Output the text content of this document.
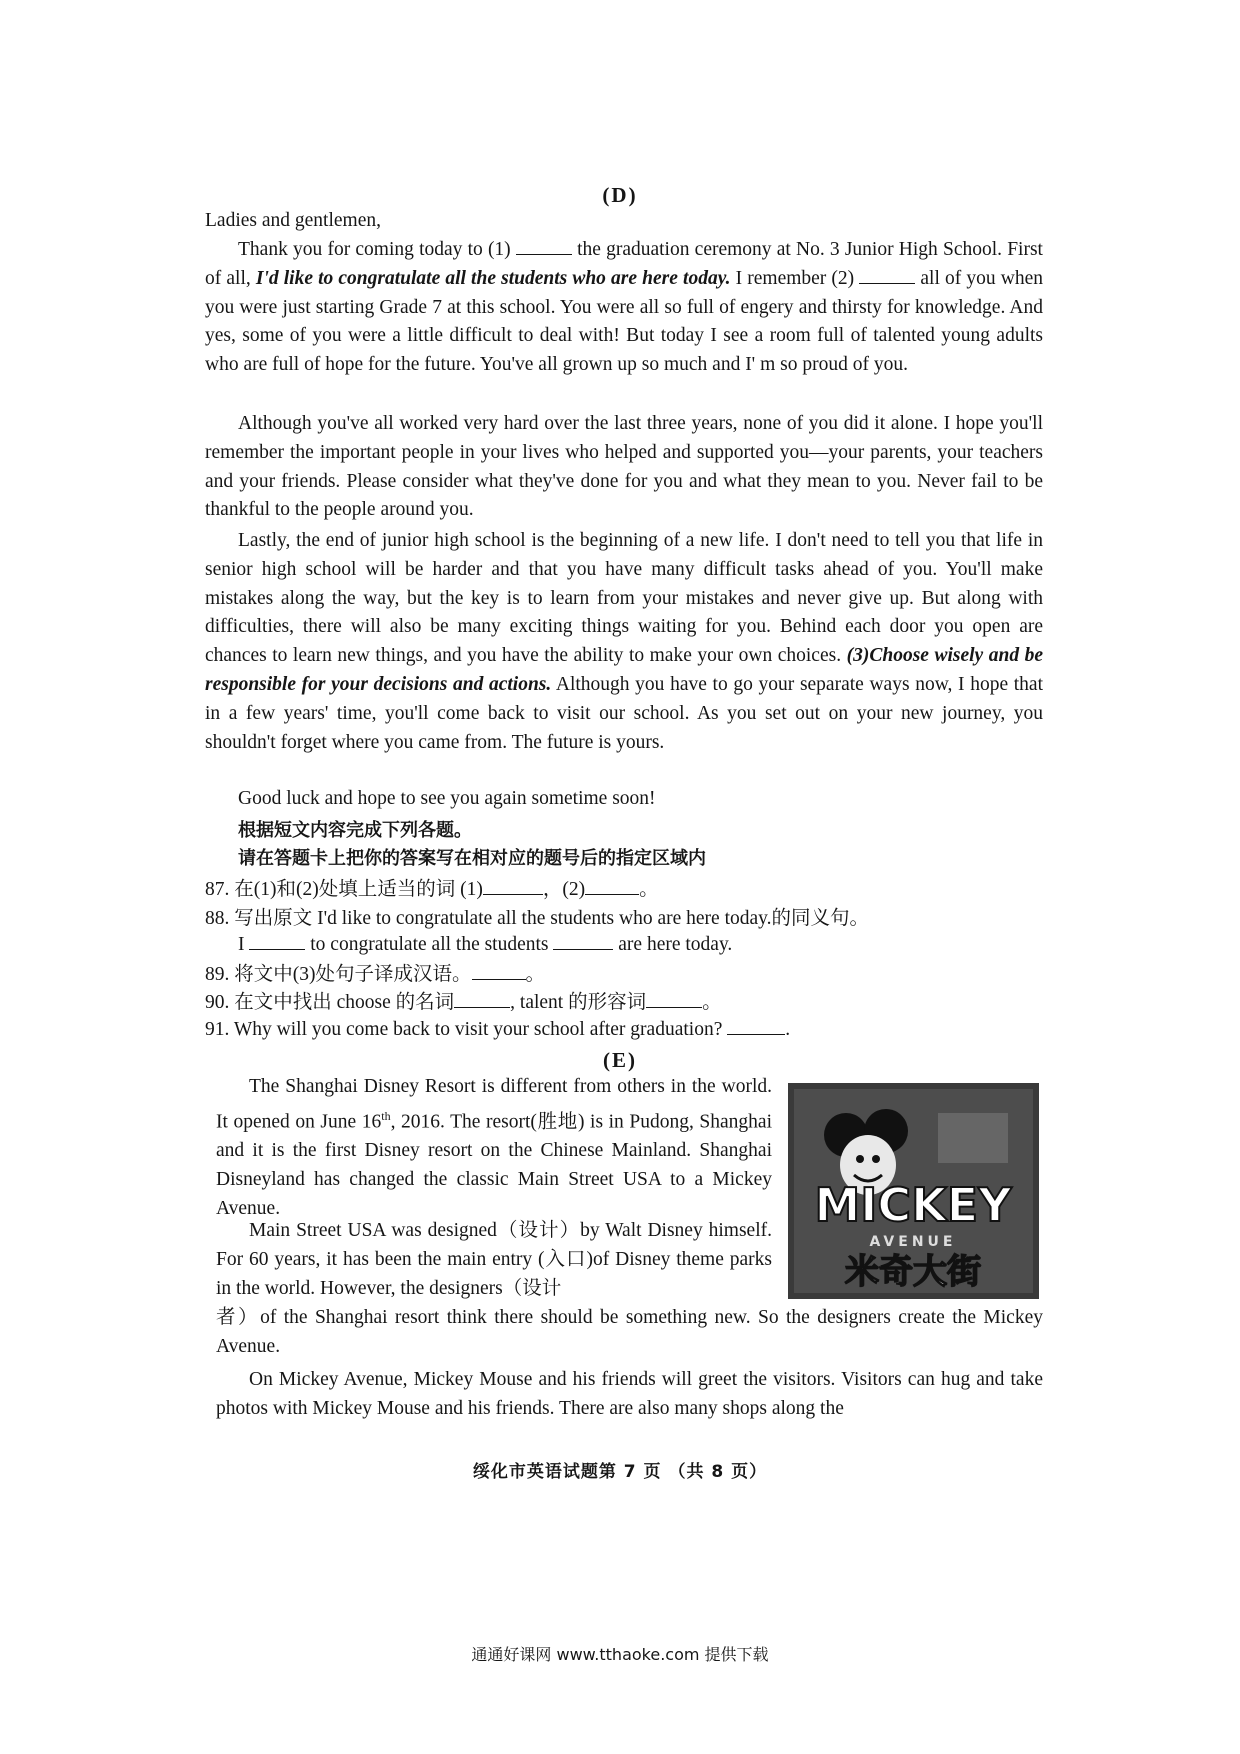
(D)

Ladies and gentlemen,

Thank you for coming today to (1)	the graduation ceremony at No. 3 Junior High School. First of all, I'd like to congratulate all the students who are here today. I remember (2)	all of you when you were just starting Grade 7 at this school. You were all so full of engery and thirsty for knowledge. And yes, some of you were a little difficult to deal with! But today I see a room full of talented young adults who are full of hope for the future. You've all grown up so much and I' m so proud of you.

Although you've all worked very hard over the last three years, none of you did it alone. I hope you'll remember the important people in your lives who helped and supported you—your parents, your teachers and your friends. Please consider what they've done for you and what they mean to you. Never fail to be thankful to the people around you.

Lastly, the end of junior high school is the beginning of a new life. I don't need to tell you that life in senior high school will be harder and that you have many difficult tasks ahead of you. You'll make mistakes along the way, but the key is to learn from your mistakes and never give up. But along with difficulties, there will also be many exciting things waiting for you. Behind each door you open are chances to learn new things, and you have the ability to make your own choices. (3)Choose wisely and be responsible for your decisions and actions. Although you have to go your separate ways now, I hope that in a few years' time, you'll come back to visit our school. As you set out on your new journey, you shouldn't forget where you came from. The future is yours.

Good luck and hope to see you again sometime soon!
根据短文内容完成下列各题。
请在答题卡上把你的答案写在相对应的题号后的指定区域内
87. 在(1)和(2)处填上适当的词 (1)	，(2)	。
88. 写出原文 I'd like to congratulate all the students who are here today.的同义句。
I	to congratulate all the students	are here today.
89. 将文中(3)处句子译成汉语。	。
90. 在文中找出 choose 的名词	, talent 的形容词	。
91. Why will you come back to visit your school after graduation?	.
(E)

The Shanghai Disney Resort is different from others in the world. It opened on June 16th, 2016. The resort(胜地) is in Pudong, Shanghai and it is the first Disney resort on the Chinese Mainland. Shanghai Disneyland has changed the classic Main Street USA to a Mickey Avenue.

Main Street USA was designed（设计）by Walt Disney himself. For 60 years, it has been the main entry (入口)of Disney theme parks in the world. However, the designers（设计

者）of the Shanghai resort think there should be something new. So the designers create the Mickey Avenue.

On Mickey Avenue, Mickey Mouse and his friends will greet the visitors. Visitors can hug and take photos with Mickey Mouse and his friends. There are also many shops along the

MICKEY
AVENUE
米奇大街
绥化市英语试题第 7 页 （共 8 页）
通通好课网 www.tthaoke.com 提供下载
